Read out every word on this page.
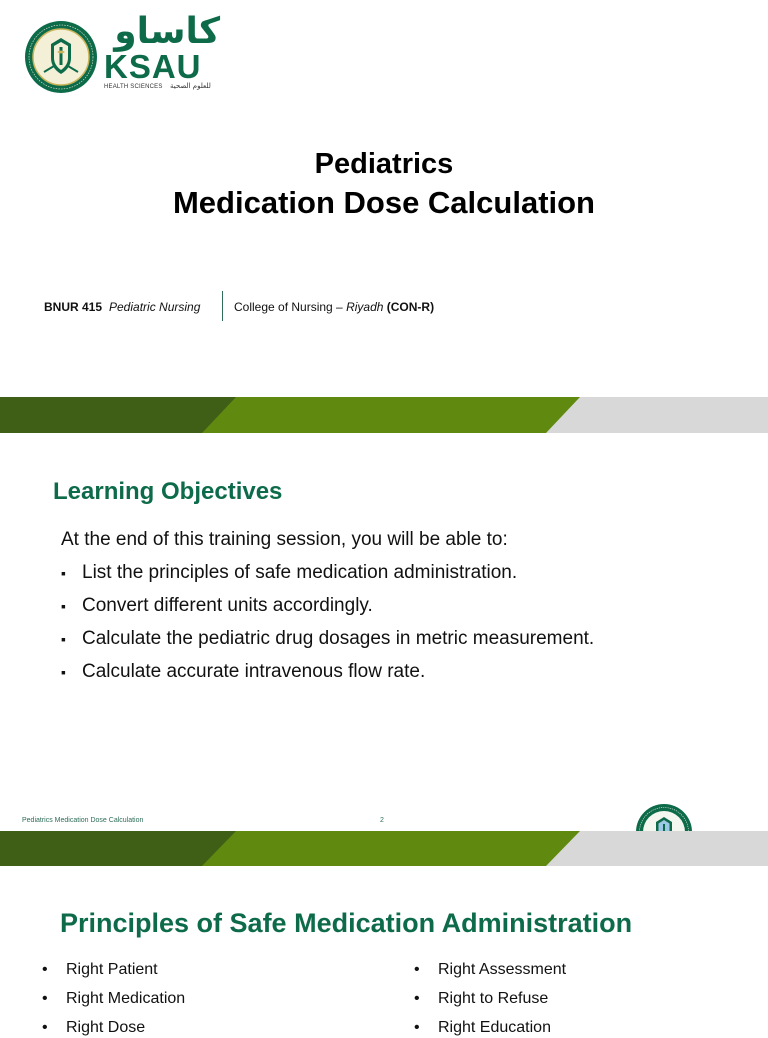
كاساو
KSAU
HEALTH SCIENCES للعلوم الصحية
Pediatrics
Medication Dose Calculation
BNUR 415 Pediatric Nursing	College of Nursing – Riyadh (CON-R)
Learning Objectives
At the end of this training session, you will be able to:
▪ List the principles of safe medication administration.
▪ Convert different units accordingly.
▪ Calculate the pediatric drug dosages in metric measurement.
▪ Calculate accurate intravenous flow rate.
Pediatrics Medication Dose Calculation	2
Principles of Safe Medication Administration
•	Right Patient
•	Right Medication
•	Right Dose
•	Right Assessment
•	Right to Refuse
•	Right Education
